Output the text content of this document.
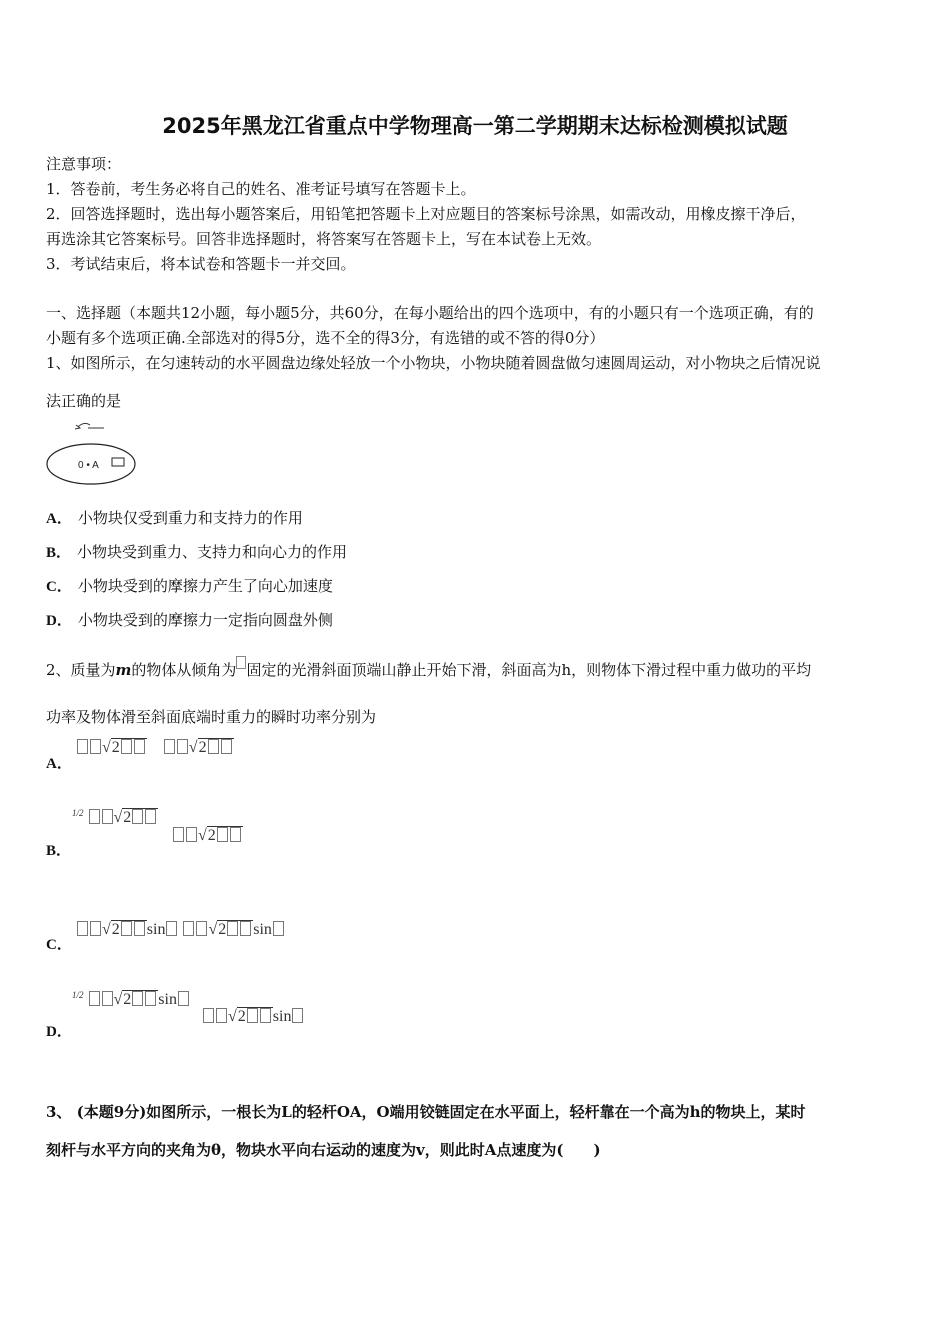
2025年黑龙江省重点中学物理高一第二学期期末达标检测模拟试题
注意事项：
1．答卷前，考生务必将自己的姓名、准考证号填写在答题卡上。
2．回答选择题时，选出每小题答案后，用铅笔把答题卡上对应题目的答案标号涂黑，如需改动，用橡皮擦干净后，
再选涂其它答案标号。回答非选择题时，将答案写在答题卡上，写在本试卷上无效。
3．考试结束后，将本试卷和答题卡一并交回。
一、选择题（本题共12小题，每小题5分，共60分，在每小题给出的四个选项中，有的小题只有一个选项正确，有的
小题有多个选项正确.全部选对的得5分，选不全的得3分，有选错的或不答的得0分）
1、如图所示，在匀速转动的水平圆盘边缘处轻放一个小物块，小物块随着圆盘做匀速圆周运动，对小物块之后情况说
法正确的是
0 • A
A． 小物块仅受到重力和支持力的作用
B． 小物块受到重力、支持力和向心力的作用
C． 小物块受到的摩擦力产生了向心加速度
D． 小物块受到的摩擦力一定指向圆盘外侧
2、质量为m的物体从倾角为 固定的光滑斜面顶端山静止开始下滑，斜面高为h，则物体下滑过程中重力做功的平均
功率及物体滑至斜面底端时重力的瞬时功率分别为
√2	√2
A．
1/2 √2
√2
B．
√2 sin	√2 sin
C．
1/2 √2 sin
√2 sin
D．
3、 (本题9分)如图所示，一根长为L的轻杆OA，O端用铰链固定在水平面上，轻杆靠在一个高为h的物块上，某时
刻杆与水平方向的夹角为θ，物块水平向右运动的速度为v，则此时A点速度为(　　)
